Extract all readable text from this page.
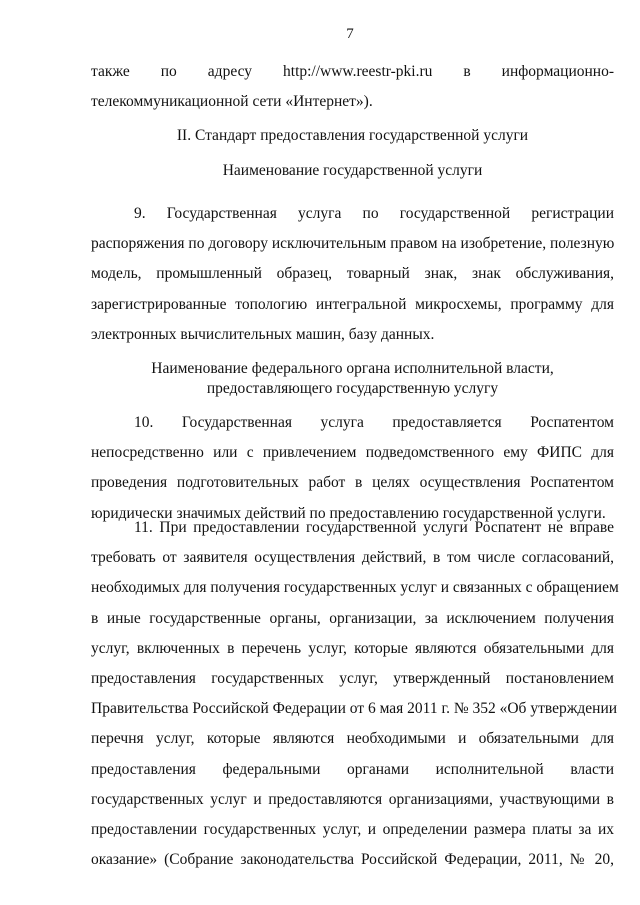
7
также по адресу http://www.reestr-pki.ru в информационно-
телекоммуникационной сети «Интернет»).
II. Стандарт предоставления государственной услуги
Наименование государственной услуги
9. Государственная услуга по государственной регистрации
распоряжения по договору исключительным правом на изобретение, полезную
модель, промышленный образец, товарный знак, знак обслуживания,
зарегистрированные топологию интегральной микросхемы, программу для
электронных вычислительных машин, базу данных.
Наименование федерального органа исполнительной власти,
предоставляющего государственную услугу
10. Государственная услуга предоставляется Роспатентом
непосредственно или с привлечением подведомственного ему ФИПС для
проведения подготовительных работ в целях осуществления Роспатентом
юридически значимых действий по предоставлению государственной услуги.
11. При предоставлении государственной услуги Роспатент не вправе
требовать от заявителя осуществления действий, в том числе согласований,
необходимых для получения государственных услуг и связанных с обращением
в иные государственные органы, организации, за исключением получения
услуг, включенных в перечень услуг, которые являются обязательными для
предоставления государственных услуг, утвержденный постановлением
Правительства Российской Федерации от 6 мая 2011 г. № 352 «Об утверждении
перечня услуг, которые являются необходимыми и обязательными для
предоставления федеральными органами исполнительной власти
государственных услуг и предоставляются организациями, участвующими в
предоставлении государственных услуг, и определении размера платы за их
оказание» (Собрание законодательства Российской Федерации, 2011, № 20,
